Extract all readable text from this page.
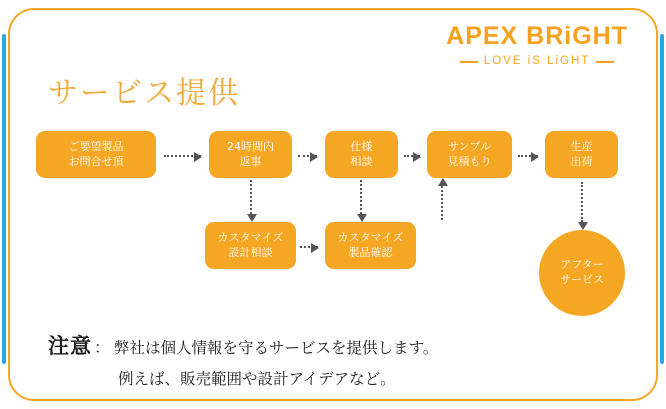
APEX BRiGHT
LOVE iS LiGHT
サービス提供
ご要望製品
お問合せ頂
24時間内
返事
仕様
相談
サンプル
見積もり
生産
出荷
カスタマイズ
設計相談
カスタマイズ
製品確認
アフター
サービス
注意 ： 弊社は個人情報を守るサービスを提供します。
例えば、販売範囲や設計アイデアなど。
